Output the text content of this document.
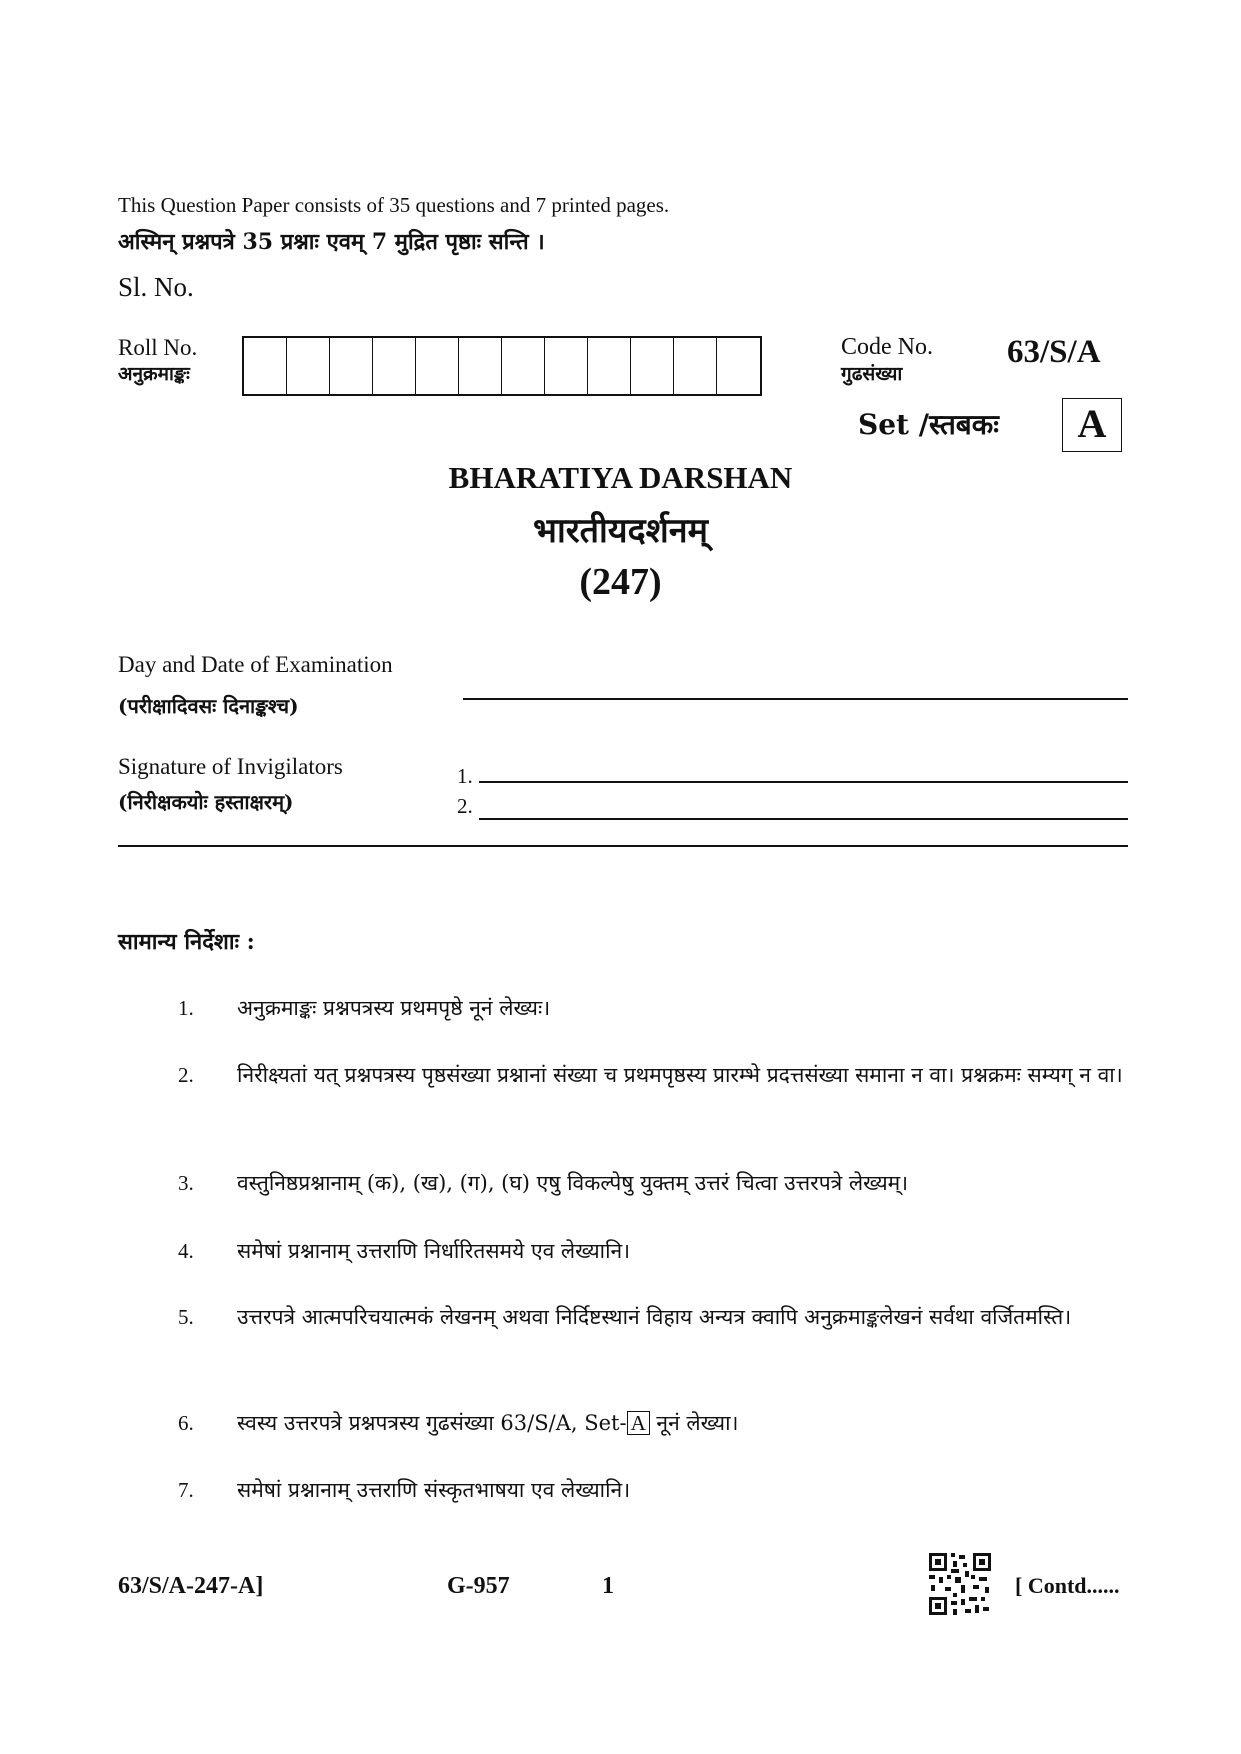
This Question Paper consists of 35 questions and 7 printed pages.
अस्मिन् प्रश्नपत्रे 35 प्रश्नाः एवम् 7 मुद्रित पृष्ठाः सन्ति ।
Sl. No.
Roll No.
अनुक्रमाङ्कः
Code No.
गुढसंख्या
63/S/A
Set /स्तबकः	A
BHARATIYA DARSHAN
भारतीयदर्शनम्
(247)
Day and Date of Examination
(परीक्षादिवसः दिनाङ्कश्च)
Signature of Invigilators
(निरीक्षकयोः हस्ताक्षरम्)
1.
2.
सामान्य निर्देशाः :
1.	अनुक्रमाङ्कः प्रश्नपत्रस्य प्रथमपृष्ठे नूनं लेख्यः।
2.	निरीक्ष्यतां यत् प्रश्नपत्रस्य पृष्ठसंख्या प्रश्नानां संख्या च प्रथमपृष्ठस्य प्रारम्भे प्रदत्तसंख्या समाना न वा। प्रश्नक्रमः सम्यग् न वा।
3.	वस्तुनिष्ठप्रश्नानाम् (क), (ख), (ग), (घ) एषु विकल्पेषु युक्तम् उत्तरं चित्वा उत्तरपत्रे लेख्यम्।
4.	समेषां प्रश्नानाम् उत्तराणि निर्धारितसमये एव लेख्यानि।
5.	उत्तरपत्रे आत्मपरिचयात्मकं लेखनम् अथवा निर्दिष्टस्थानं विहाय अन्यत्र क्वापि अनुक्रमाङ्कलेखनं सर्वथा वर्जितमस्ति।
6.	स्वस्य उत्तरपत्रे प्रश्नपत्रस्य गुढसंख्या 63/S/A, Set- A नूनं लेख्या।
7.	समेषां प्रश्नानाम् उत्तराणि संस्कृतभाषया एव लेख्यानि।
63/S/A-247-A]	G-957	1	[ Contd......
